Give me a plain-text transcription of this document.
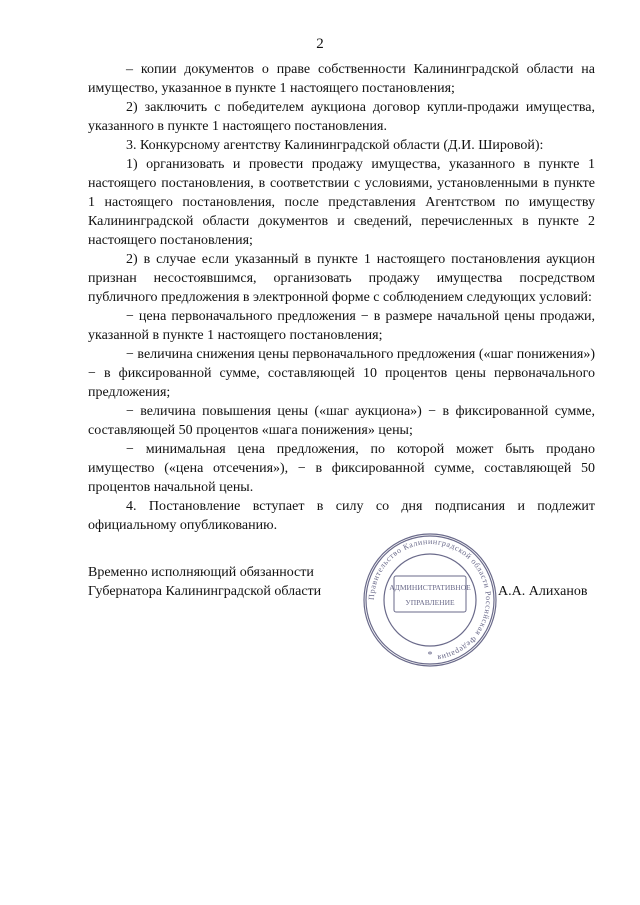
2

– копии документов о праве собственности Калининградской области на имущество, указанное в пункте 1 настоящего постановления;

2) заключить с победителем аукциона договор купли-продажи имущества, указанного в пункте 1 настоящего постановления.

3. Конкурсному агентству Калининградской области (Д.И. Шировой):

1) организовать и провести продажу имущества, указанного в пункте 1 настоящего постановления, в соответствии с условиями, установленными в пункте 1 настоящего постановления, после представления Агентством по имуществу Калининградской области документов и сведений, перечисленных в пункте 2 настоящего постановления;

2) в случае если указанный в пункте 1 настоящего постановления аукцион признан несостоявшимся, организовать продажу имущества посредством публичного предложения в электронной форме с соблюдением следующих условий:

− цена первоначального предложения − в размере начальной цены продажи, указанной в пункте 1 настоящего постановления;

− величина снижения цены первоначального предложения («шаг понижения») − в фиксированной сумме, составляющей 10 процентов цены первоначального предложения;

− величина повышения цены («шаг аукциона») − в фиксированной сумме, составляющей 50 процентов «шага понижения» цены;

− минимальная цена предложения, по которой может быть продано имущество («цена отсечения»), − в фиксированной сумме, составляющей 50 процентов начальной цены.

4. Постановление вступает в силу со дня подписания и подлежит официальному опубликованию.

Временно исполняющий обязанности
Губернатора Калининградской области	А.А. Алиханов
Правительство Калининградской области Российская Федерация
АДМИНИСТРАТИВНОЕ
УПРАВЛЕНИЕ
*
